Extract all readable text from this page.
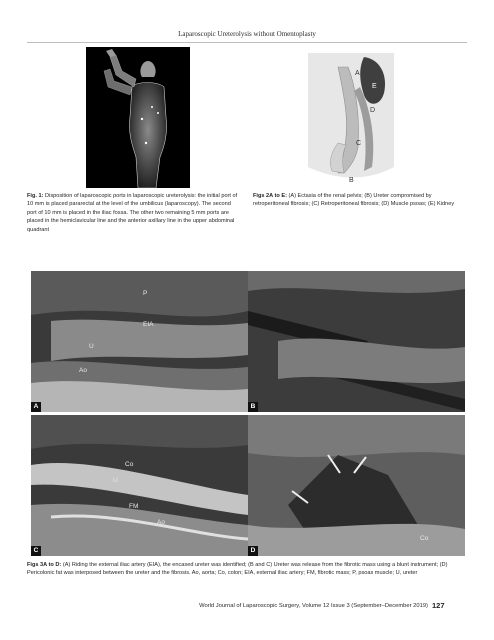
Laparoscopic Ureterolysis without Omentoplasty
A
B
C
D
E
Fig. 1: Disposition of laparoscopic ports in laparoscopic ureterolysis: the initial port of 10 mm is placed pararectal at the level of the umbilicus (laparoscopy). The second port of 10 mm is placed in the iliac fossa. The other two remaining 5 mm ports are placed in the hemiclavicular line and the anterior axillary line in the upper abdominal quadrant
Figs 2A to E: (A) Ectasia of the renal pelvis; (B) Ureter compromised by retroperitoneal fibrosis; (C) Retroperitoneal fibrosis; (D) Muscle psoas; (E) Kidney
P
EIA
U
Ao
A	B
U
Co
FM
Ao
C
Co
D
Figs 3A to D: (A) Riding the external iliac artery (EIA), the encased ureter was identified; (B and C) Ureter was release from the fibrotic mass using a blunt instrument; (D) Pericolonic fat was interposed between the ureter and the fibrosis. Ao, aorta; Co, colon; EIA, external iliac artery; FM, fibrotic mass; P, psoas muscle; U, ureter
World Journal of Laparoscopic Surgery, Volume 12 Issue 3 (September–December 2019) 127
